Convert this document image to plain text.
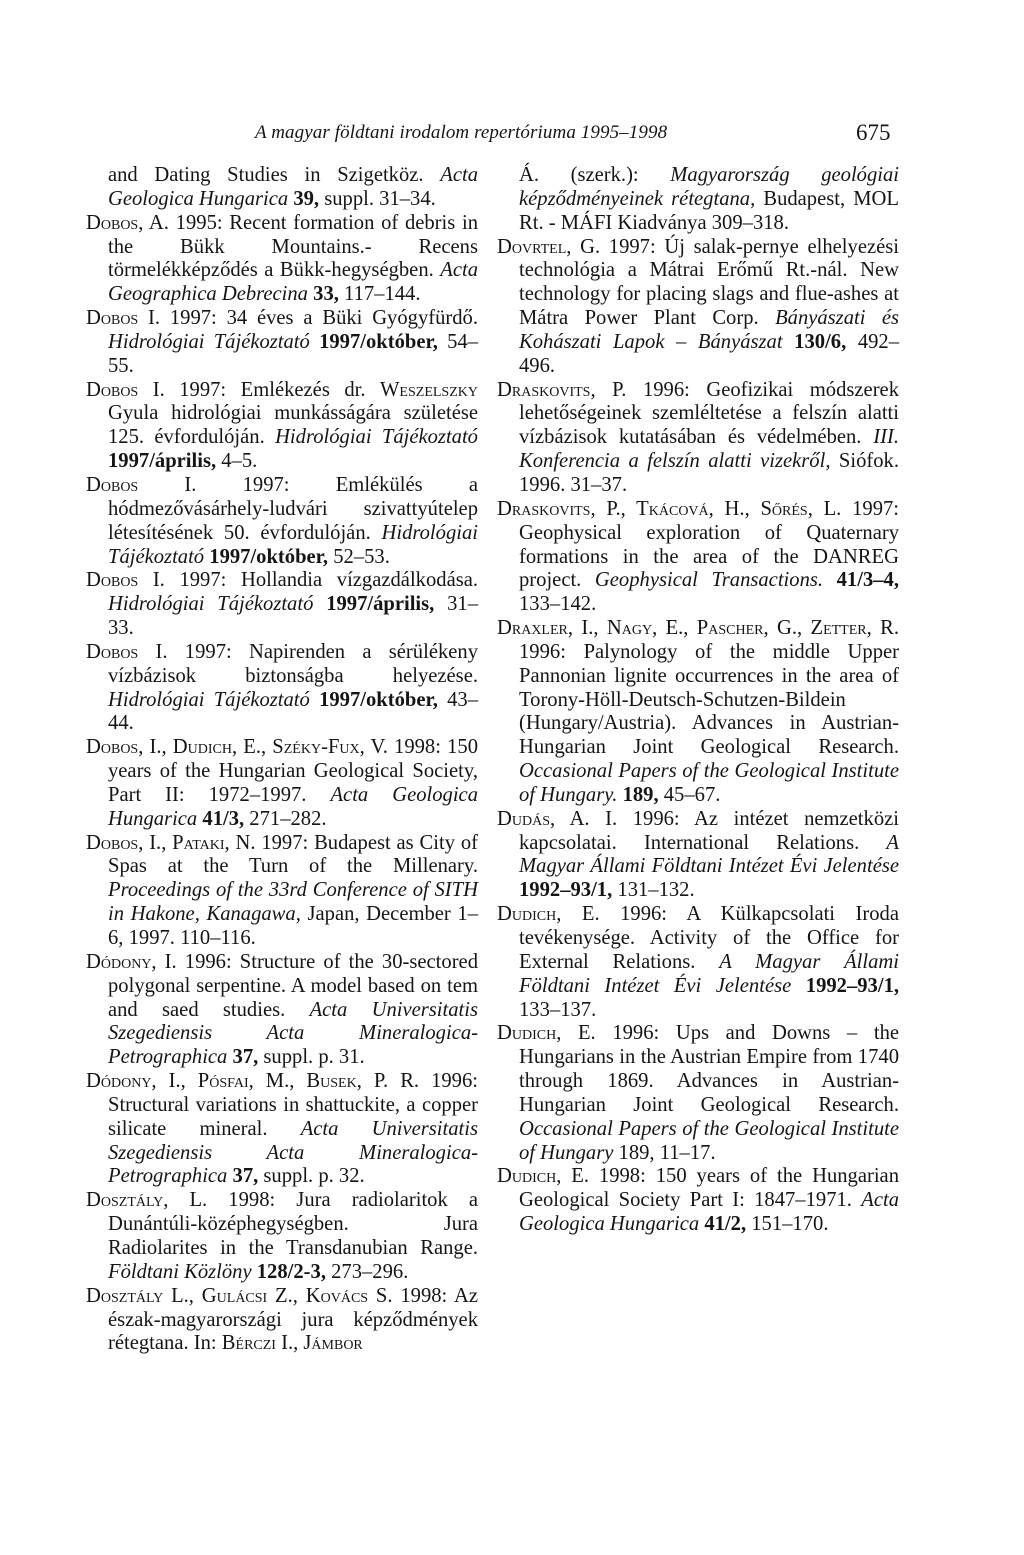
A magyar földtani irodalom repertóriuma 1995–1998	675

and Dating Studies in Szigetköz. Acta Geologica Hungarica 39, suppl. 31–34.

Dobos, A. 1995: Recent formation of debris in the Bükk Mountains.- Recens törmelékképződés a Bükk-hegységben. Acta Geographica Debrecina 33, 117–144.

Dobos I. 1997: 34 éves a Büki Gyógyfürdő. Hidrológiai Tájékoztató 1997/október, 54–55.

Dobos I. 1997: Emlékezés dr. Weszelszky Gyula hidrológiai munkásságára születése 125. évfordulóján. Hidrológiai Tájékoztató 1997/április, 4–5.

Dobos I. 1997: Emlékülés a hódmezővásárhely-ludvári szivattyútelep létesítésének 50. évfordulóján. Hidrológiai Tájékoztató 1997/október, 52–53.

Dobos I. 1997: Hollandia vízgazdálkodása. Hidrológiai Tájékoztató 1997/április, 31–33.

Dobos I. 1997: Napirenden a sérülékeny vízbázisok biztonságba helyezése. Hidrológiai Tájékoztató 1997/október, 43–44.

Dobos, I., Dudich, E., Széky-Fux, V. 1998: 150 years of the Hungarian Geological Society, Part II: 1972–1997. Acta Geologica Hungarica 41/3, 271–282.

Dobos, I., Pataki, N. 1997: Budapest as City of Spas at the Turn of the Millenary. Proceedings of the 33rd Conference of SITH in Hakone, Kanagawa, Japan, December 1–6, 1997. 110–116.

Dódony, I. 1996: Structure of the 30-sectored polygonal serpentine. A model based on tem and saed studies. Acta Universitatis Szegediensis Acta Mineralogica-Petrographica 37, suppl. p. 31.

Dódony, I., Pósfai, M., Busek, P. R. 1996: Structural variations in shattuckite, a copper silicate mineral. Acta Universitatis Szegediensis Acta Mineralogica-Petrographica 37, suppl. p. 32.

Dosztály, L. 1998: Jura radiolaritok a Dunántúli-középhegységben. Jura Radiolarites in the Transdanubian Range. Földtani Közlöny 128/2-3, 273–296.

Dosztály L., Gulácsi Z., Kovács S. 1998: Az észak-magyarországi jura képződmények rétegtana. In: Bérczi I., Jámbor

Á. (szerk.): Magyarország geológiai képződményeinek rétegtana, Budapest, MOL Rt. - MÁFI Kiadványa 309–318.

Dovrtel, G. 1997: Új salak-pernye elhelyezési technológia a Mátrai Erőmű Rt.-nál. New technology for placing slags and flue-ashes at Mátra Power Plant Corp. Bányászati és Kohászati Lapok – Bányászat 130/6, 492–496.

Draskovits, P. 1996: Geofizikai módszerek lehetőségeinek szemléltetése a felszín alatti vízbázisok kutatásában és védelmében. III. Konferencia a felszín alatti vizekről, Siófok. 1996. 31–37.

Draskovits, P., Tkácová, H., Sőrés, L. 1997: Geophysical exploration of Quaternary formations in the area of the DANREG project. Geophysical Transactions. 41/3–4, 133–142.

Draxler, I., Nagy, E., Pascher, G., Zetter, R. 1996: Palynology of the middle Upper Pannonian lignite occurrences in the area of Torony-Höll-Deutsch-Schutzen-Bildein (Hungary/Austria). Advances in Austrian-Hungarian Joint Geological Research. Occasional Papers of the Geological Institute of Hungary. 189, 45–67.

Dudás, A. I. 1996: Az intézet nemzetközi kapcsolatai. International Relations. A Magyar Állami Földtani Intézet Évi Jelentése 1992–93/1, 131–132.

Dudich, E. 1996: A Külkapcsolati Iroda tevékenysége. Activity of the Office for External Relations. A Magyar Állami Földtani Intézet Évi Jelentése 1992–93/1, 133–137.

Dudich, E. 1996: Ups and Downs – the Hungarians in the Austrian Empire from 1740 through 1869. Advances in Austrian-Hungarian Joint Geological Research. Occasional Papers of the Geological Institute of Hungary 189, 11–17.

Dudich, E. 1998: 150 years of the Hungarian Geological Society Part I: 1847–1971. Acta Geologica Hungarica 41/2, 151–170.
